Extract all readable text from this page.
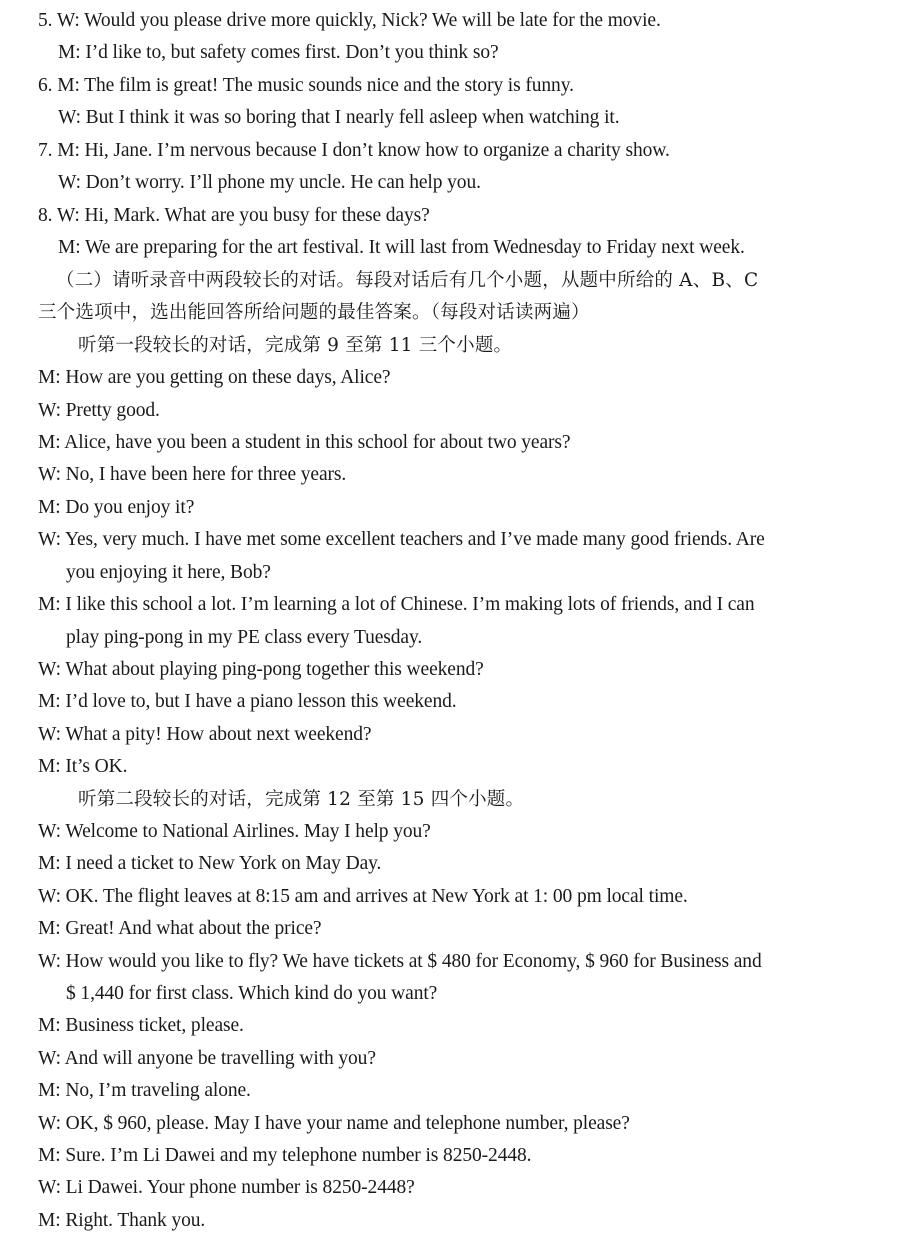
5. W: Would you please drive more quickly, Nick? We will be late for the movie.
M: I’d like to, but safety comes first. Don’t you think so?
6. M: The film is great! The music sounds nice and the story is funny.
W: But I think it was so boring that I nearly fell asleep when watching it.
7. M: Hi, Jane. I’m nervous because I don’t know how to organize a charity show.
W: Don’t worry. I’ll phone my uncle. He can help you.
8. W: Hi, Mark. What are you busy for these days?
M: We are preparing for the art festival. It will last from Wednesday to Friday next week.
（二）请听录音中两段较长的对话。每段对话后有几个小题，从题中所给的 A、B、C
三个选项中，选出能回答所给问题的最佳答案。（每段对话读两遍）
听第一段较长的对话，完成第 9 至第 11 三个小题。
M: How are you getting on these days, Alice?
W: Pretty good.
M: Alice, have you been a student in this school for about two years?
W: No, I have been here for three years.
M: Do you enjoy it?
W: Yes, very much. I have met some excellent teachers and I’ve made many good friends. Are
you enjoying it here, Bob?
M: I like this school a lot. I’m learning a lot of Chinese. I’m making lots of friends, and I can
play ping-pong in my PE class every Tuesday.
W: What about playing ping-pong together this weekend?
M: I’d love to, but I have a piano lesson this weekend.
W: What a pity! How about next weekend?
M: It’s OK.
听第二段较长的对话，完成第 12 至第 15 四个小题。
W: Welcome to National Airlines. May I help you?
M: I need a ticket to New York on May Day.
W: OK. The flight leaves at 8:15 am and arrives at New York at 1: 00 pm local time.
M: Great! And what about the price?
W: How would you like to fly? We have tickets at $ 480 for Economy, $ 960 for Business and
$ 1,440 for first class. Which kind do you want?
M: Business ticket, please.
W: And will anyone be travelling with you?
M: No, I’m traveling alone.
W: OK, $ 960, please. May I have your name and telephone number, please?
M: Sure. I’m Li Dawei and my telephone number is 8250-2448.
W: Li Dawei. Your phone number is 8250-2448?
M: Right. Thank you.
